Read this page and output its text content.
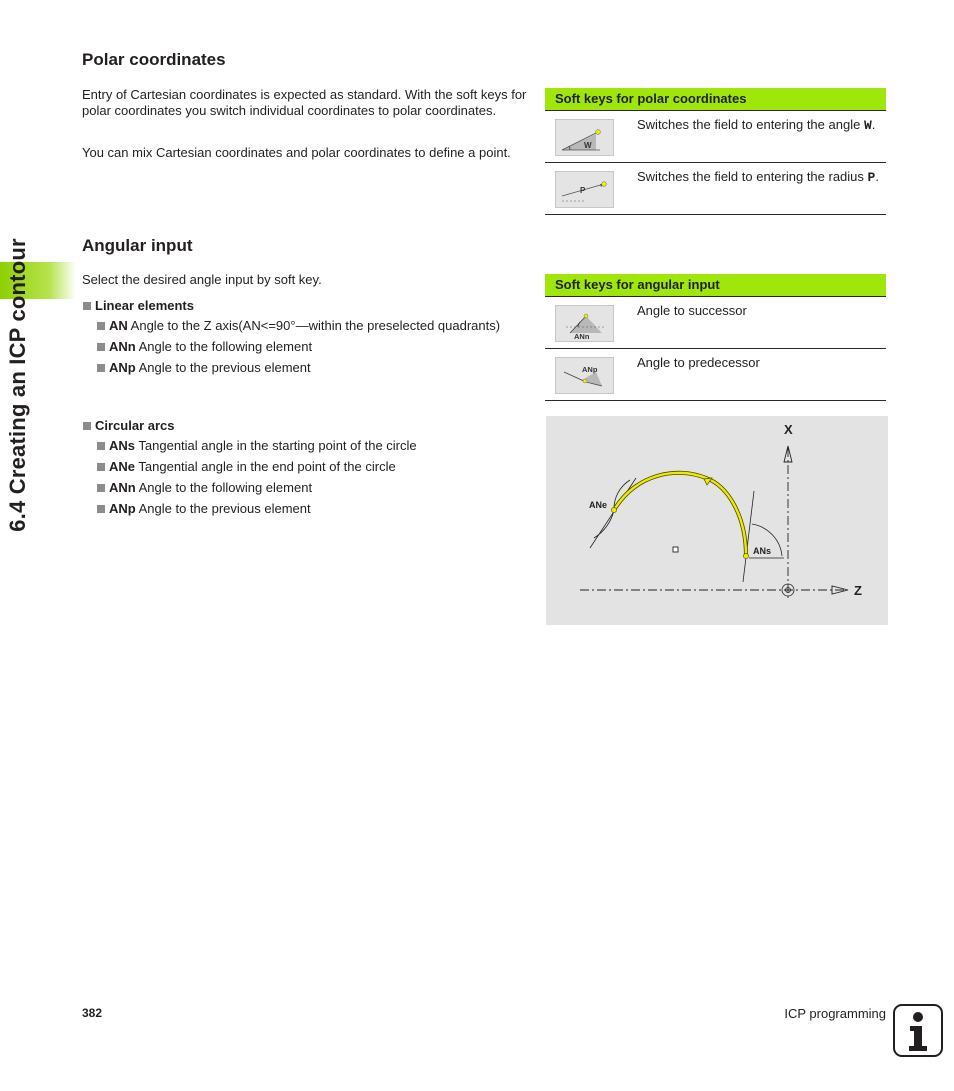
6.4 Creating an ICP contour
Polar coordinates

Entry of Cartesian coordinates is expected as standard. With the soft keys for polar coordinates you switch individual coordinates to polar coordinates.

You can mix Cartesian coordinates and polar coordinates to define a point.

Soft keys for polar coordinates	

W	Switches the field to entering the angle W.

P	Switches the field to entering the radius P.
Angular input

Select the desired angle input by soft key.

Linear elements
AN Angle to the Z axis(AN<=90°—within the preselected quadrants)
ANn Angle to the following element
ANp Angle to the previous element
Circular arcs
ANs Tangential angle in the starting point of the circle
ANe Tangential angle in the end point of the circle
ANn Angle to the following element
ANp Angle to the previous element
Soft keys for angular input	

ANn	Angle to successor

ANp	Angle to predecessor
X
Z
ANe
ANs
382	ICP programming
